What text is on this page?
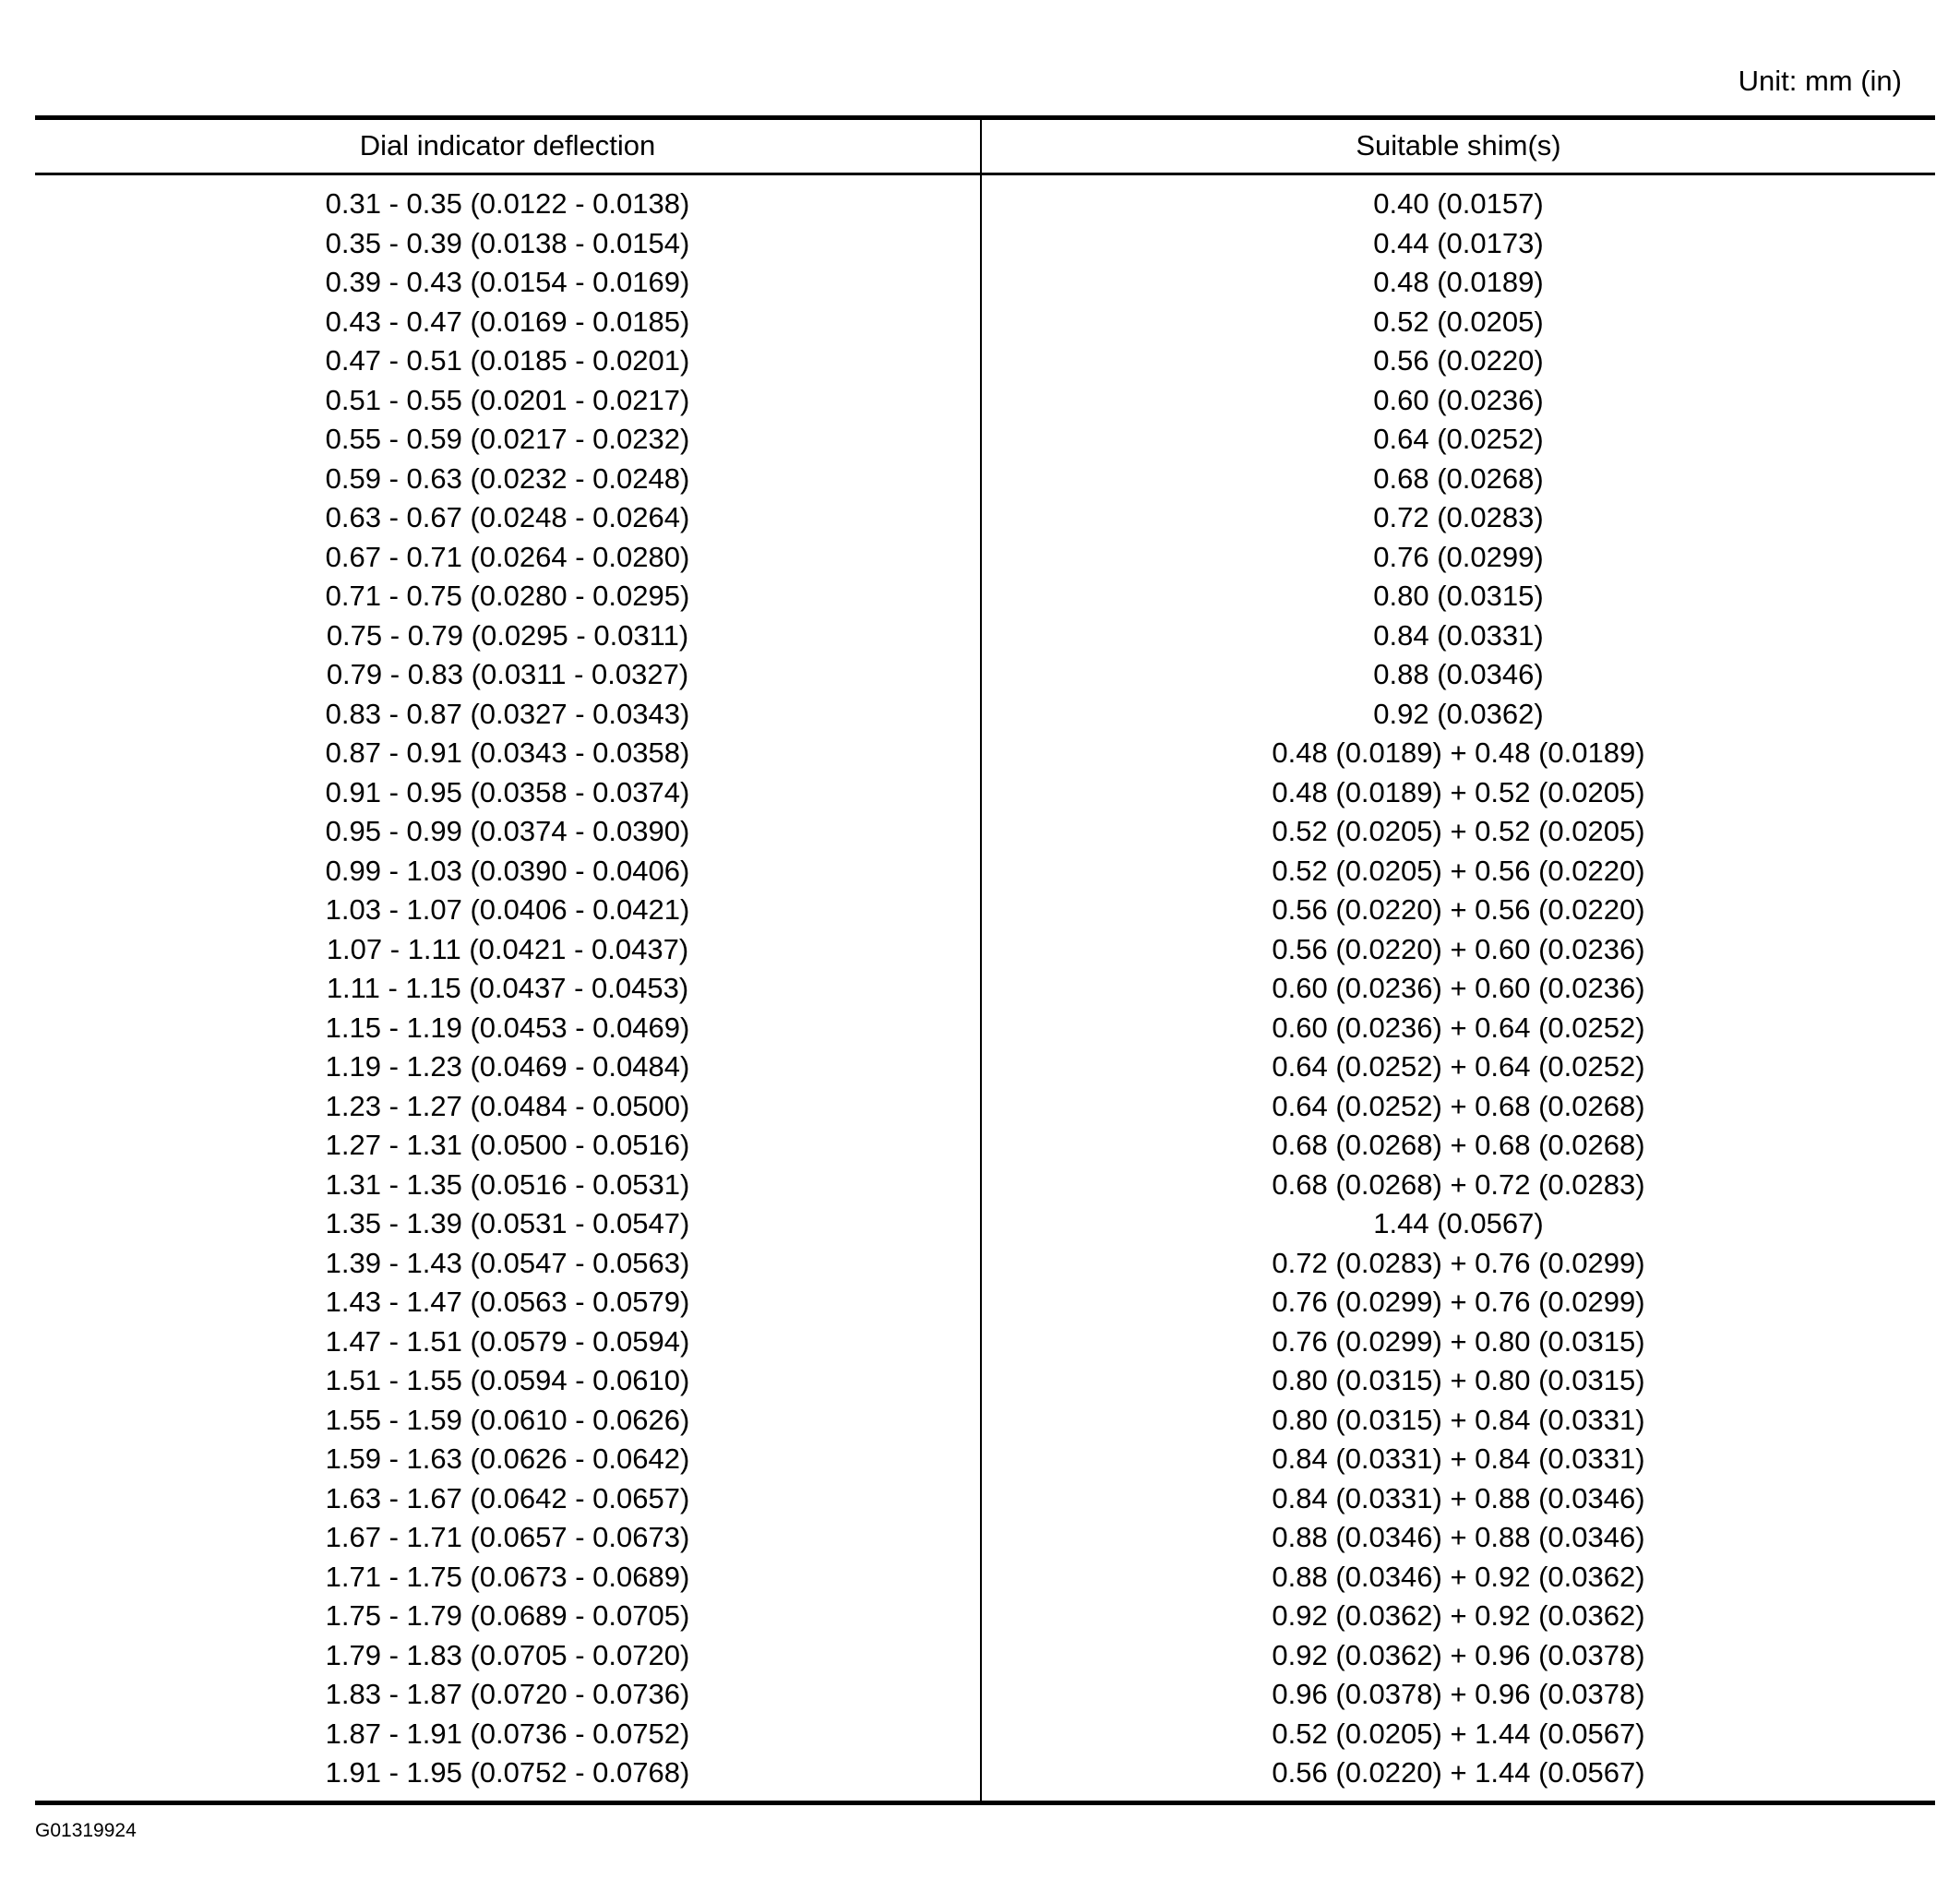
Unit: mm (in)
Dial indicator deflection	Suitable shim(s)
0.31 - 0.35 (0.0122 - 0.0138)
0.35 - 0.39 (0.0138 - 0.0154)
0.39 - 0.43 (0.0154 - 0.0169)
0.43 - 0.47 (0.0169 - 0.0185)
0.47 - 0.51 (0.0185 - 0.0201)
0.51 - 0.55 (0.0201 - 0.0217)
0.55 - 0.59 (0.0217 - 0.0232)
0.59 - 0.63 (0.0232 - 0.0248)
0.63 - 0.67 (0.0248 - 0.0264)
0.67 - 0.71 (0.0264 - 0.0280)
0.71 - 0.75 (0.0280 - 0.0295)
0.75 - 0.79 (0.0295 - 0.0311)
0.79 - 0.83 (0.0311 - 0.0327)
0.83 - 0.87 (0.0327 - 0.0343)
0.87 - 0.91 (0.0343 - 0.0358)
0.91 - 0.95 (0.0358 - 0.0374)
0.95 - 0.99 (0.0374 - 0.0390)
0.99 - 1.03 (0.0390 - 0.0406)
1.03 - 1.07 (0.0406 - 0.0421)
1.07 - 1.11 (0.0421 - 0.0437)
1.11 - 1.15 (0.0437 - 0.0453)
1.15 - 1.19 (0.0453 - 0.0469)
1.19 - 1.23 (0.0469 - 0.0484)
1.23 - 1.27 (0.0484 - 0.0500)
1.27 - 1.31 (0.0500 - 0.0516)
1.31 - 1.35 (0.0516 - 0.0531)
1.35 - 1.39 (0.0531 - 0.0547)
1.39 - 1.43 (0.0547 - 0.0563)
1.43 - 1.47 (0.0563 - 0.0579)
1.47 - 1.51 (0.0579 - 0.0594)
1.51 - 1.55 (0.0594 - 0.0610)
1.55 - 1.59 (0.0610 - 0.0626)
1.59 - 1.63 (0.0626 - 0.0642)
1.63 - 1.67 (0.0642 - 0.0657)
1.67 - 1.71 (0.0657 - 0.0673)
1.71 - 1.75 (0.0673 - 0.0689)
1.75 - 1.79 (0.0689 - 0.0705)
1.79 - 1.83 (0.0705 - 0.0720)
1.83 - 1.87 (0.0720 - 0.0736)
1.87 - 1.91 (0.0736 - 0.0752)
1.91 - 1.95 (0.0752 - 0.0768)
0.40 (0.0157)
0.44 (0.0173)
0.48 (0.0189)
0.52 (0.0205)
0.56 (0.0220)
0.60 (0.0236)
0.64 (0.0252)
0.68 (0.0268)
0.72 (0.0283)
0.76 (0.0299)
0.80 (0.0315)
0.84 (0.0331)
0.88 (0.0346)
0.92 (0.0362)
0.48 (0.0189) + 0.48 (0.0189)
0.48 (0.0189) + 0.52 (0.0205)
0.52 (0.0205) + 0.52 (0.0205)
0.52 (0.0205) + 0.56 (0.0220)
0.56 (0.0220) + 0.56 (0.0220)
0.56 (0.0220) + 0.60 (0.0236)
0.60 (0.0236) + 0.60 (0.0236)
0.60 (0.0236) + 0.64 (0.0252)
0.64 (0.0252) + 0.64 (0.0252)
0.64 (0.0252) + 0.68 (0.0268)
0.68 (0.0268) + 0.68 (0.0268)
0.68 (0.0268) + 0.72 (0.0283)
1.44 (0.0567)
0.72 (0.0283) + 0.76 (0.0299)
0.76 (0.0299) + 0.76 (0.0299)
0.76 (0.0299) + 0.80 (0.0315)
0.80 (0.0315) + 0.80 (0.0315)
0.80 (0.0315) + 0.84 (0.0331)
0.84 (0.0331) + 0.84 (0.0331)
0.84 (0.0331) + 0.88 (0.0346)
0.88 (0.0346) + 0.88 (0.0346)
0.88 (0.0346) + 0.92 (0.0362)
0.92 (0.0362) + 0.92 (0.0362)
0.92 (0.0362) + 0.96 (0.0378)
0.96 (0.0378) + 0.96 (0.0378)
0.52 (0.0205) + 1.44 (0.0567)
0.56 (0.0220) + 1.44 (0.0567)
G01319924
